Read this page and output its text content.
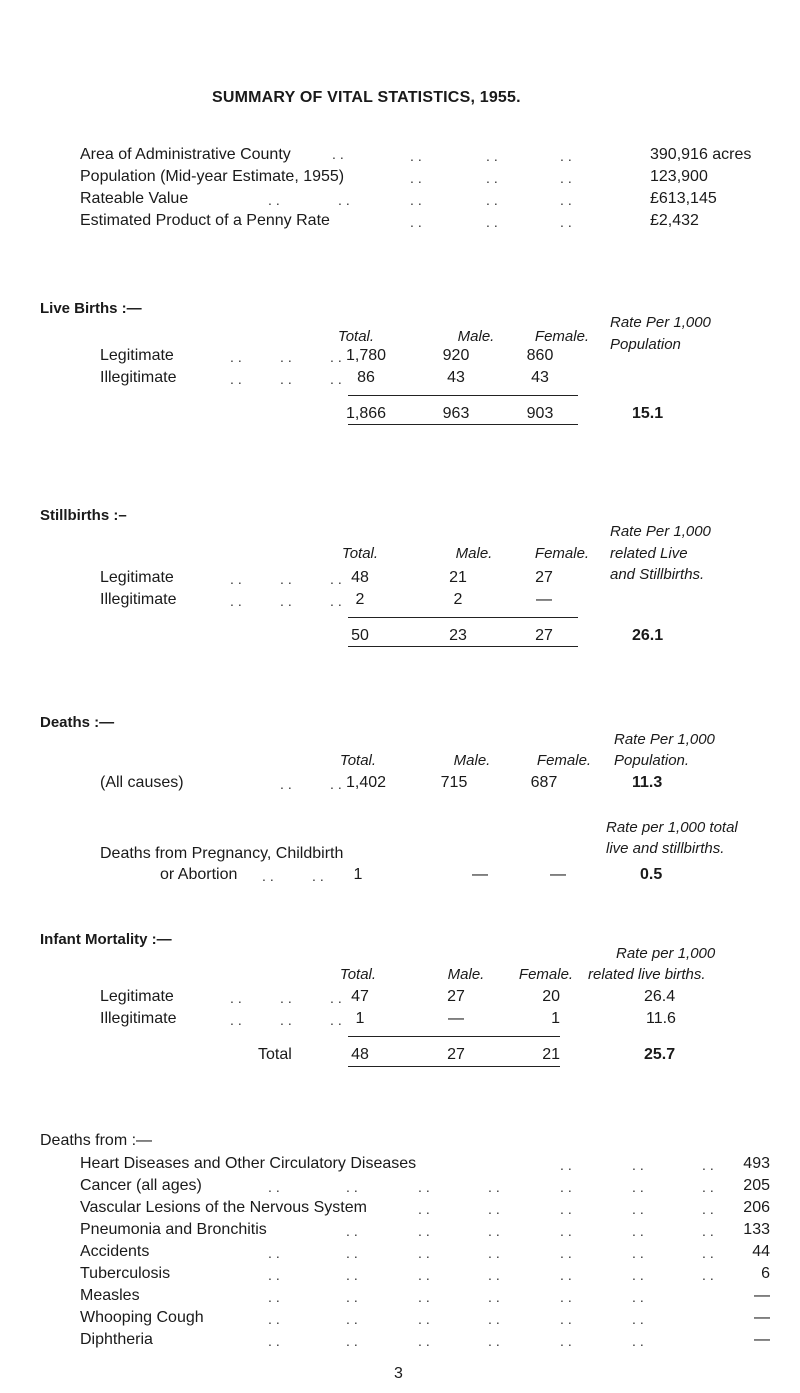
SUMMARY OF VITAL STATISTICS, 1955.
Area of Administrative County	..	..	..	..	390,916 acres
Population (Mid-year Estimate, 1955)	..	..	..	123,900
Rateable Value	..	..	..	..	..	£613,145
Estimated Product of a Penny Rate	..	..	..	£2,432
Live Births :—
Rate Per 1,000
Population
Total.	Male.	Female.
Legitimate	.. .. .. 1,780	920	860
Illegitimate	.. .. .. 86	43	43
1,866	963	903	15.1
Stillbirths :–
Rate Per 1,000
related Live
and Stillbirths.
Total.	Male.	Female.
Legitimate	.. .. .. 48	21	27
Illegitimate	.. .. .. 2	2	—
50	23	27	26.1
Deaths :—
Rate Per 1,000
Population.
Total.	Male.	Female.
(All causes)	.. .. 1,402	715	687	11.3
Rate per 1,000 total
live and stillbirths.
Deaths from Pregnancy, Childbirth
or Abortion .. ..	1	—	—	0.5
Infant Mortality :—
Rate per 1,000
related live births.
Total.	Male.	Female.
Legitimate	.. .. .. 47	27	20	26.4
Illegitimate	.. .. .. 1	—	1	11.6
Total	48	27	21	25.7
Deaths from :—
Heart Diseases and Other Circulatory Diseases	..	..	..	493
Cancer (all ages)	..	..	..	..	..	..	..	205
Vascular Lesions of the Nervous System	..	..	..	..	..	206
Pneumonia and Bronchitis	..	..	..	..	..	..	133
Accidents	..	..	..	..	..	..	..	44
Tuberculosis	..	..	..	..	..	..	..	6
Measles	..	..	..	..	..	..	—
Whooping Cough	..	..	..	..	..	..	—
Diphtheria	..	..	..	..	..	..	—
3
